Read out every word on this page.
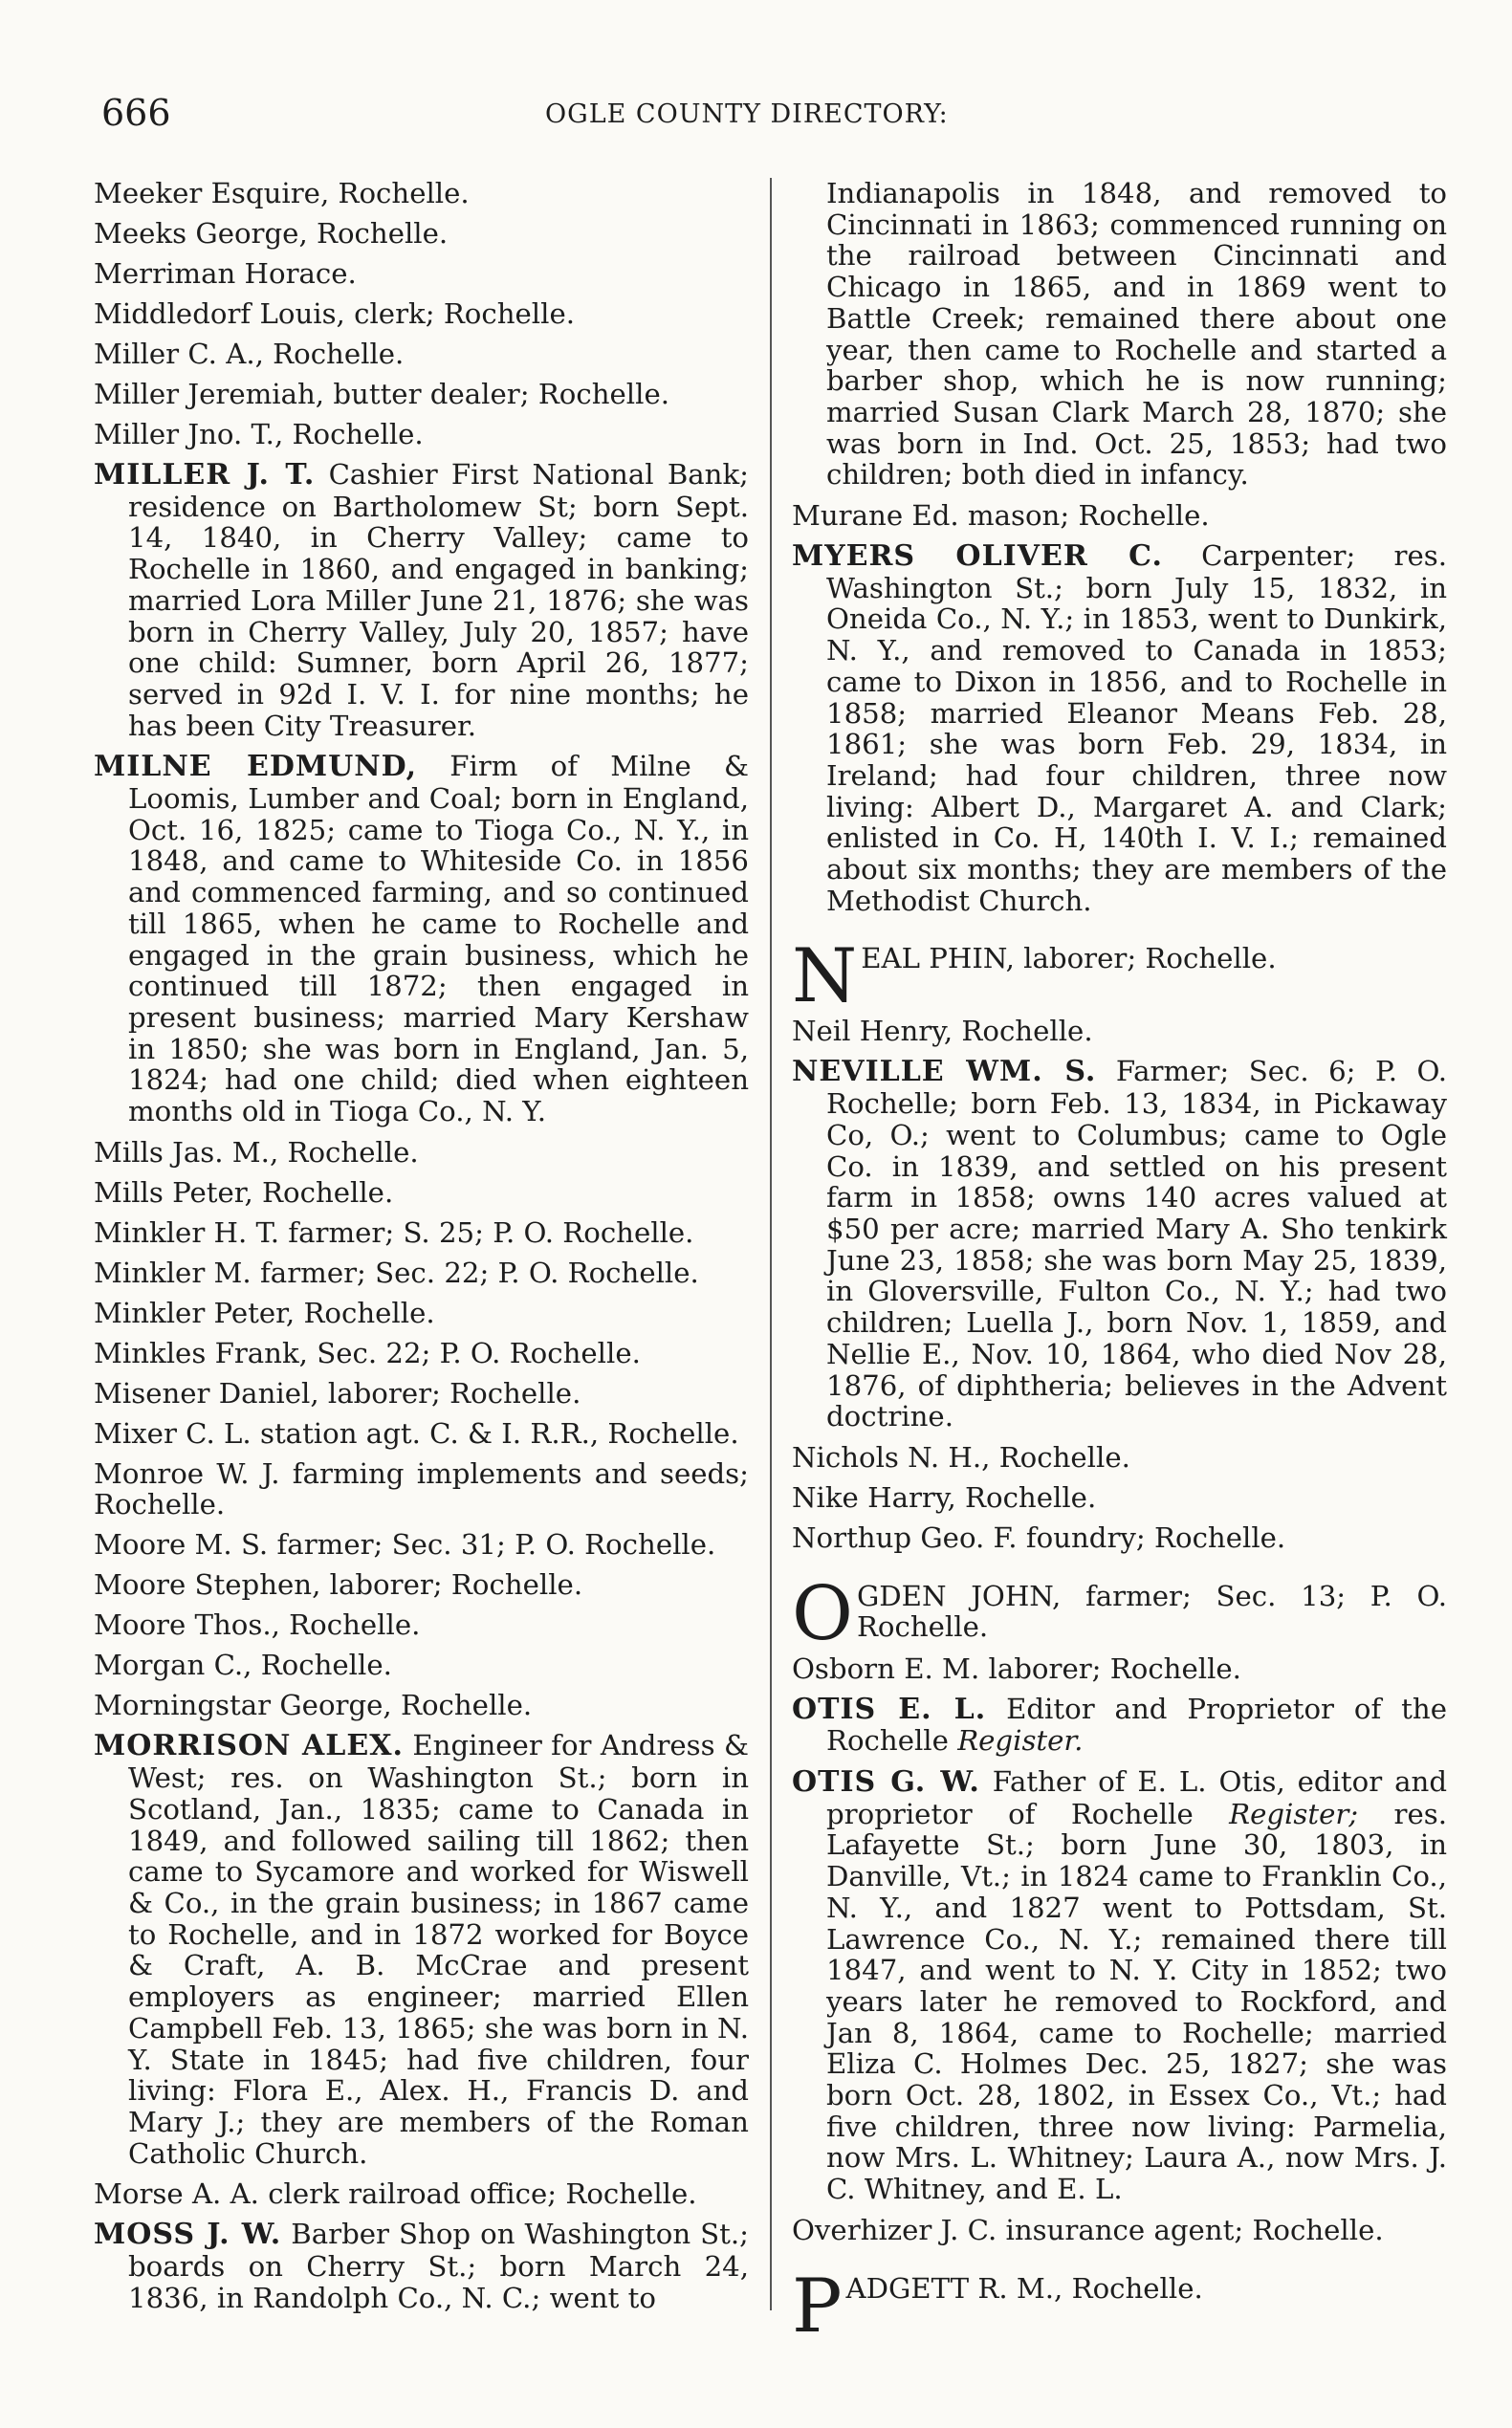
666	OGLE COUNTY DIRECTORY:
Meeker Esquire, Rochelle.
Meeks George, Rochelle.
Merriman Horace.
Middledorf Louis, clerk; Rochelle.
Miller C. A., Rochelle.
Miller Jeremiah, butter dealer; Rochelle.
Miller Jno. T., Rochelle.
MILLER J. T. Cashier First National Bank; residence on Bartholomew St; born Sept. 14, 1840, in Cherry Valley; came to Rochelle in 1860, and engaged in banking; married Lora Miller June 21, 1876; she was born in Cherry Valley, July 20, 1857; have one child: Sumner, born April 26, 1877; served in 92d I. V. I. for nine months; he has been City Treasurer.
MILNE EDMUND, Firm of Milne & Loomis, Lumber and Coal; born in England, Oct. 16, 1825; came to Tioga Co., N. Y., in 1848, and came to Whiteside Co. in 1856 and commenced farming, and so continued till 1865, when he came to Rochelle and engaged in the grain business, which he continued till 1872; then engaged in present business; married Mary Kershaw in 1850; she was born in England, Jan. 5, 1824; had one child; died when eighteen months old in Tioga Co., N. Y.
Mills Jas. M., Rochelle.
Mills Peter, Rochelle.
Minkler H. T. farmer; S. 25; P. O. Rochelle.
Minkler M. farmer; Sec. 22; P. O. Rochelle.
Minkler Peter, Rochelle.
Minkles Frank, Sec. 22; P. O. Rochelle.
Misener Daniel, laborer; Rochelle.
Mixer C. L. station agt. C. & I. R.R., Rochelle.
Monroe W. J. farming implements and seeds; Rochelle.
Moore M. S. farmer; Sec. 31; P. O. Rochelle.
Moore Stephen, laborer; Rochelle.
Moore Thos., Rochelle.
Morgan C., Rochelle.
Morningstar George, Rochelle.
MORRISON ALEX. Engineer for Andress & West; res. on Washington St.; born in Scotland, Jan., 1835; came to Canada in 1849, and followed sailing till 1862; then came to Sycamore and worked for Wiswell & Co., in the grain business; in 1867 came to Rochelle, and in 1872 worked for Boyce & Craft, A. B. McCrae and present employers as engineer; married Ellen Campbell Feb. 13, 1865; she was born in N. Y. State in 1845; had five children, four living: Flora E., Alex. H., Francis D. and Mary J.; they are members of the Roman Catholic Church.
Morse A. A. clerk railroad office; Rochelle.
MOSS J. W. Barber Shop on Washington St.; boards on Cherry St.; born March 24, 1836, in Randolph Co., N. C.; went to
Indianapolis in 1848, and removed to Cincinnati in 1863; commenced running on the railroad between Cincinnati and Chicago in 1865, and in 1869 went to Battle Creek; remained there about one year, then came to Rochelle and started a barber shop, which he is now running; married Susan Clark March 28, 1870; she was born in Ind. Oct. 25, 1853; had two children; both died in infancy.
Murane Ed. mason; Rochelle.
MYERS OLIVER C. Carpenter; res. Washington St.; born July 15, 1832, in Oneida Co., N. Y.; in 1853, went to Dunkirk, N. Y., and removed to Canada in 1853; came to Dixon in 1856, and to Rochelle in 1858; married Eleanor Means Feb. 28, 1861; she was born Feb. 29, 1834, in Ireland; had four children, three now living: Albert D., Margaret A. and Clark; enlisted in Co. H, 140th I. V. I.; remained about six months; they are members of the Methodist Church.
NEAL PHIN, laborer; Rochelle.
Neil Henry, Rochelle.
NEVILLE WM. S. Farmer; Sec. 6; P. O. Rochelle; born Feb. 13, 1834, in Pickaway Co, O.; went to Columbus; came to Ogle Co. in 1839, and settled on his present farm in 1858; owns 140 acres valued at $50 per acre; married Mary A. Sho tenkirk June 23, 1858; she was born May 25, 1839, in Gloversville, Fulton Co., N. Y.; had two children; Luella J., born Nov. 1, 1859, and Nellie E., Nov. 10, 1864, who died Nov 28, 1876, of diphtheria; believes in the Advent doctrine.
Nichols N. H., Rochelle.
Nike Harry, Rochelle.
Northup Geo. F. foundry; Rochelle.
OGDEN JOHN, farmer; Sec. 13; P. O. Rochelle.
Osborn E. M. laborer; Rochelle.
OTIS E. L. Editor and Proprietor of the Rochelle Register.
OTIS G. W. Father of E. L. Otis, editor and proprietor of Rochelle Register; res. Lafayette St.; born June 30, 1803, in Danville, Vt.; in 1824 came to Franklin Co., N. Y., and 1827 went to Pottsdam, St. Lawrence Co., N. Y.; remained there till 1847, and went to N. Y. City in 1852; two years later he removed to Rockford, and Jan 8, 1864, came to Rochelle; married Eliza C. Holmes Dec. 25, 1827; she was born Oct. 28, 1802, in Essex Co., Vt.; had five children, three now living: Parmelia, now Mrs. L. Whitney; Laura A., now Mrs. J. C. Whitney, and E. L.
Overhizer J. C. insurance agent; Rochelle.
PADGETT R. M., Rochelle.
